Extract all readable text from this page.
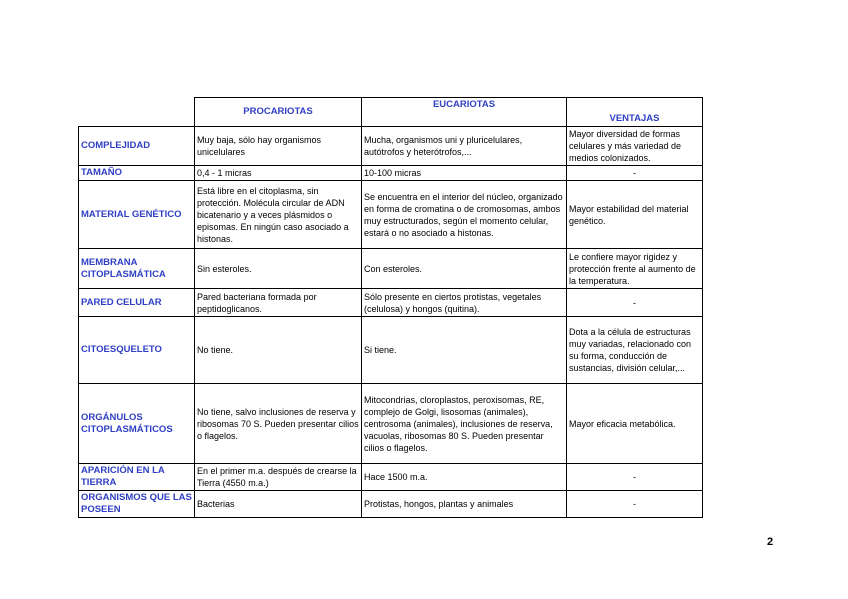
	PROCARIOTAS	EUCARIOTAS	VENTAJAS
COMPLEJIDAD	Muy baja, sólo hay organismos unicelulares	Mucha, organismos uni y pluricelulares, autótrofos y heterótrofos,...	Mayor diversidad de formas celulares y más variedad de medios colonizados.
TAMAÑO	0,4 - 1 micras	10-100 micras	-
MATERIAL GENÉTICO	Está libre en el citoplasma, sin protección. Molécula circular de ADN bicatenario y a veces plásmidos o episomas. En ningún caso asociado a histonas.	Se encuentra en el interior del núcleo, organizado en forma de cromatina o de cromosomas, ambos muy estructurados, según el momento celular, estará o no asociado a histonas.	Mayor estabilidad del material genético.
MEMBRANA CITOPLASMÁTICA	Sin esteroles.	Con esteroles.	Le confiere mayor rigidez y protección frente al aumento de la temperatura.
PARED CELULAR	Pared bacteriana formada por peptidoglicanos.	Sólo presente en ciertos protistas, vegetales (celulosa) y hongos (quitina).	-
CITOESQUELETO	No tiene.	Si tiene.	Dota a la célula de estructuras muy variadas, relacionado con su forma, conducción de sustancias, división celular,...
ORGÁNULOS CITOPLASMÁTICOS	No tiene, salvo inclusiones de reserva y ribosomas 70 S. Pueden presentar cilios o flagelos.	Mitocondrias, cloroplastos, peroxisomas, RE, complejo de Golgi, lisosomas (animales), centrosoma (animales), inclusiones de reserva, vacuolas, ribosomas 80 S. Pueden presentar cilios o flagelos.	Mayor eficacia metabólica.
APARICIÓN EN LA TIERRA	En el primer m.a. después de crearse la Tierra (4550 m.a.)	Hace 1500 m.a.	-
ORGANISMOS QUE LAS POSEEN	Bacterias	Protistas, hongos, plantas y animales	-
2
